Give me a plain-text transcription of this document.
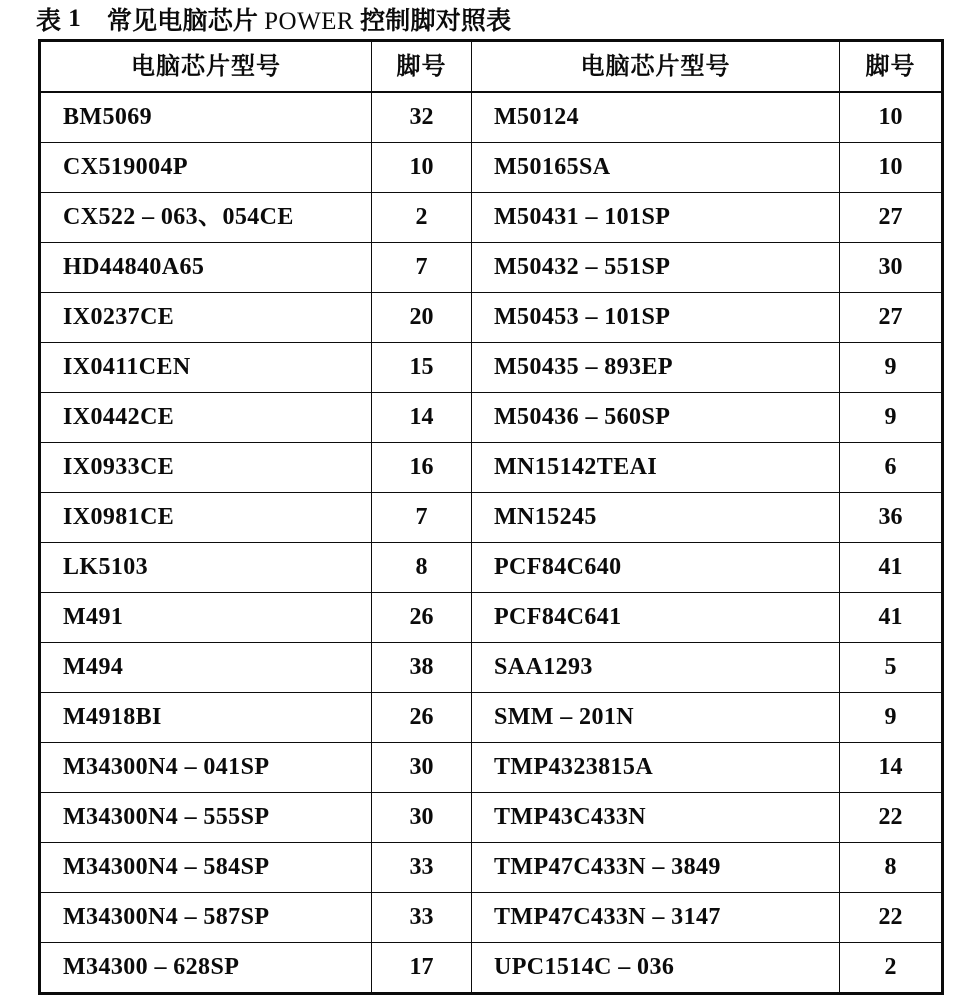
表 1 常见电脑芯片 POWER 控制脚对照表
电脑芯片型号	脚号	电脑芯片型号	脚号
BM5069	32	M50124	10
CX519004P	10	M50165SA	10
CX522 – 063、054CE	2	M50431 – 101SP	27
HD44840A65	7	M50432 – 551SP	30
IX0237CE	20	M50453 – 101SP	27
IX0411CEN	15	M50435 – 893EP	9
IX0442CE	14	M50436 – 560SP	9
IX0933CE	16	MN15142TEAI	6
IX0981CE	7	MN15245	36
LK5103	8	PCF84C640	41
M491	26	PCF84C641	41
M494	38	SAA1293	5
M4918BI	26	SMM – 201N	9
M34300N4 – 041SP	30	TMP4323815A	14
M34300N4 – 555SP	30	TMP43C433N	22
M34300N4 – 584SP	33	TMP47C433N – 3849	8
M34300N4 – 587SP	33	TMP47C433N – 3147	22
M34300 – 628SP	17	UPC1514C – 036	2
